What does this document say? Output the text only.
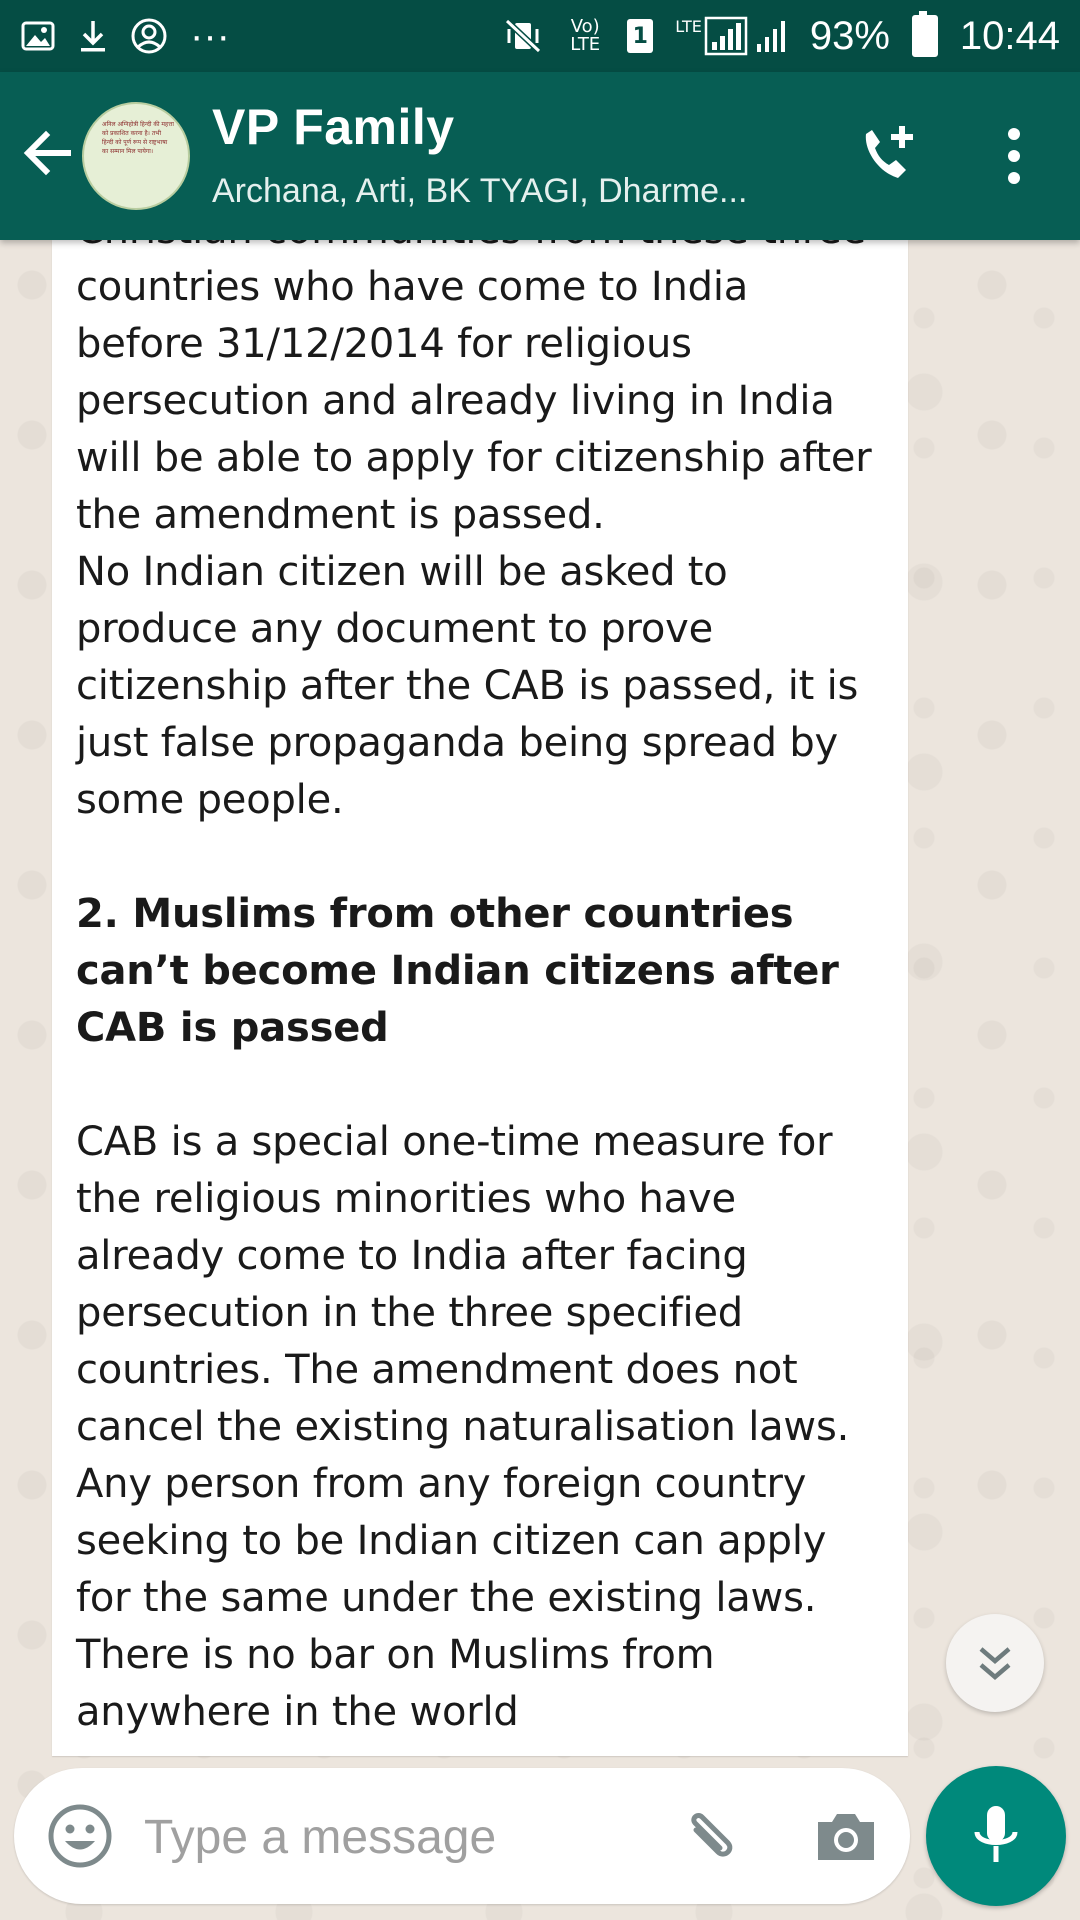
···	Vo) LTE 1	LTE	93% 10:44
अनिल अग्निहोत्री हिन्दी की महत्ता को प्रकाशित करना है। तभी हिन्दी को पूर्ण रूप से राष्ट्रभाषा का सम्मान मिल पायेगा।	VP Family
Archana, Arti, BK TYAGI, Dharme...
countries who have come to India before 31/12/2014 for religious persecution and already living in India will be able to apply for citizenship after the amendment is passed.
No Indian citizen will be asked to produce any document to prove citizenship after the CAB is passed, it is just false propaganda being spread by some people.

2. Muslims from other countries can’t become Indian citizens after CAB is passed

CAB is a special one-time measure for the religious minorities who have already come to India after facing persecution in the three specified countries. The amendment does not cancel the existing naturalisation laws. Any person from any foreign country seeking to be Indian citizen can apply for the same under the existing laws. There is no bar on Muslims from anywhere in the world
Type a message
